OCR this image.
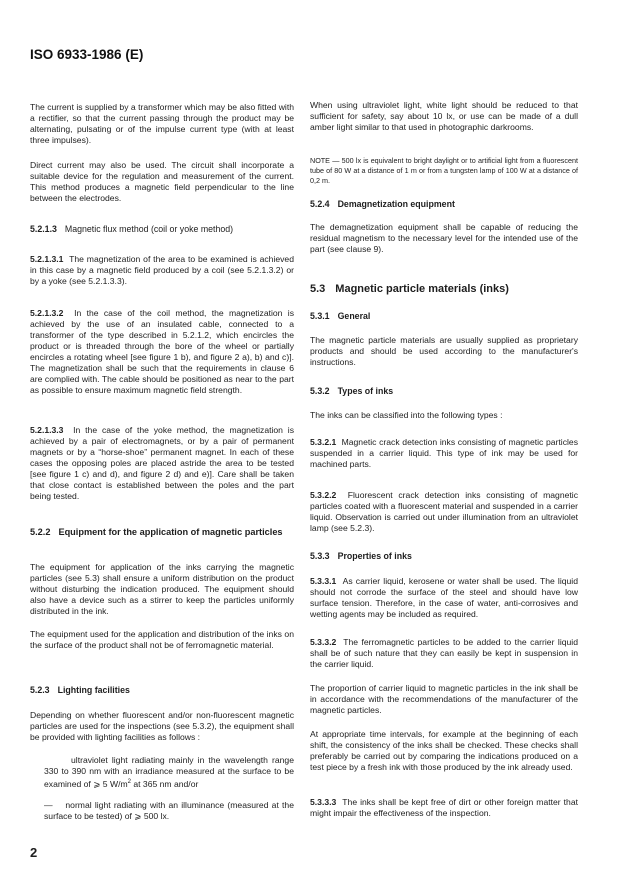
ISO 6933-1986 (E)

The current is supplied by a transformer which may be also fitted with a rectifier, so that the current passing through the product may be alternating, pulsating or of the impulse current type (with at least three impulses).

Direct current may also be used. The circuit shall incorporate a suitable device for the regulation and measurement of the current. This method produces a magnetic field perpendicular to the line between the electrodes.

5.2.1.3 Magnetic flux method (coil or yoke method)

5.2.1.3.1 The magnetization of the area to be examined is achieved in this case by a magnetic field produced by a coil (see 5.2.1.3.2) or by a yoke (see 5.2.1.3.3).

5.2.1.3.2 In the case of the coil method, the magnetization is achieved by the use of an insulated cable, connected to a transformer of the type described in 5.2.1.2, which encircles the product or is threaded through the bore of the wheel or partially encircles a rotating wheel [see figure 1 b), and figure 2 a), b) and c)]. The magnetization shall be such that the requirements in clause 6 are complied with. The cable should be positioned as near to the part as possible to ensure maximum magnetic field strength.

5.2.1.3.3 In the case of the yoke method, the magnetization is achieved by a pair of electromagnets, or by a pair of permanent magnets or by a “horse-shoe” permanent magnet. In each of these cases the opposing poles are placed astride the area to be tested [see figure 1 c) and d), and figure 2 d) and e)]. Care shall be taken that close contact is established between the poles and the part being tested.

5.2.2 Equipment for the application of magnetic particles

The equipment for application of the inks carrying the magnetic particles (see 5.3) shall ensure a uniform distribution on the product without disturbing the indication produced. The equipment should also have a device such as a stirrer to keep the particles uniformly distributed in the ink.

The equipment used for the application and distribution of the inks on the surface of the product shall not be of ferromagnetic material.

5.2.3 Lighting facilities

Depending on whether fluorescent and/or non-fluorescent magnetic particles are used for the inspections (see 5.3.2), the equipment shall be provided with lighting facilities as follows :

ultraviolet light radiating mainly in the wavelength range 330 to 390 nm with an irradiance measured at the surface to be examined of ⩾ 5 $W/m^2$ at 365 nm and/or

— normal light radiating with an illuminance (measured at the surface to be tested) of ⩾ 500 lx.

When using ultraviolet light, white light should be reduced to that sufficient for safety, say about 10 lx, or use can be made of a dull amber light similar to that used in photographic darkrooms.

NOTE — 500 lx is equivalent to bright daylight or to artificial light from a fluorescent tube of 80 W at a distance of 1 m or from a tungsten lamp of 100 W at a distance of 0,2 m.

5.2.4 Demagnetization equipment

The demagnetization equipment shall be capable of reducing the residual magnetism to the necessary level for the intended use of the part (see clause 9).

5.3 Magnetic particle materials (inks)
5.3.1 General

The magnetic particle materials are usually supplied as proprietary products and should be used according to the manufacturer's instructions.

5.3.2 Types of inks

The inks can be classified into the following types :

5.3.2.1 Magnetic crack detection inks consisting of magnetic particles suspended in a carrier liquid. This type of ink may be used for machined parts.

5.3.2.2 Fluorescent crack detection inks consisting of magnetic particles coated with a fluorescent material and suspended in a carrier liquid. Observation is carried out under illumination from an ultraviolet lamp (see 5.2.3).

5.3.3 Properties of inks

5.3.3.1 As carrier liquid, kerosene or water shall be used. The liquid should not corrode the surface of the steel and should have low surface tension. Therefore, in the case of water, anti-corrosives and wetting agents may be included as required.

5.3.3.2 The ferromagnetic particles to be added to the carrier liquid shall be of such nature that they can easily be kept in suspension in the carrier liquid.

The proportion of carrier liquid to magnetic particles in the ink shall be in accordance with the recommendations of the manufacturer of the magnetic particles.

At appropriate time intervals, for example at the beginning of each shift, the consistency of the inks shall be checked. These checks shall preferably be carried out by comparing the indications produced on a test piece by a fresh ink with those produced by the ink already used.

5.3.3.3 The inks shall be kept free of dirt or other foreign matter that might impair the effectiveness of the inspection.

2
